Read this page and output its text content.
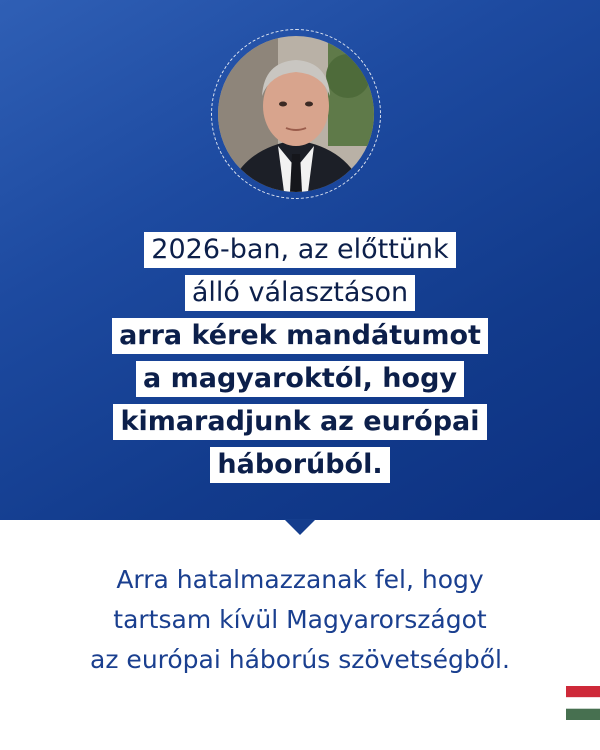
2026-ban, az előttünk
álló választáson
arra kérek mandátumot
a magyaroktól, hogy
kimaradjunk az európai
háborúból.
Arra hatalmazzanak fel, hogy
tartsam kívül Magyarországot
az európai háborús szövetségből.
